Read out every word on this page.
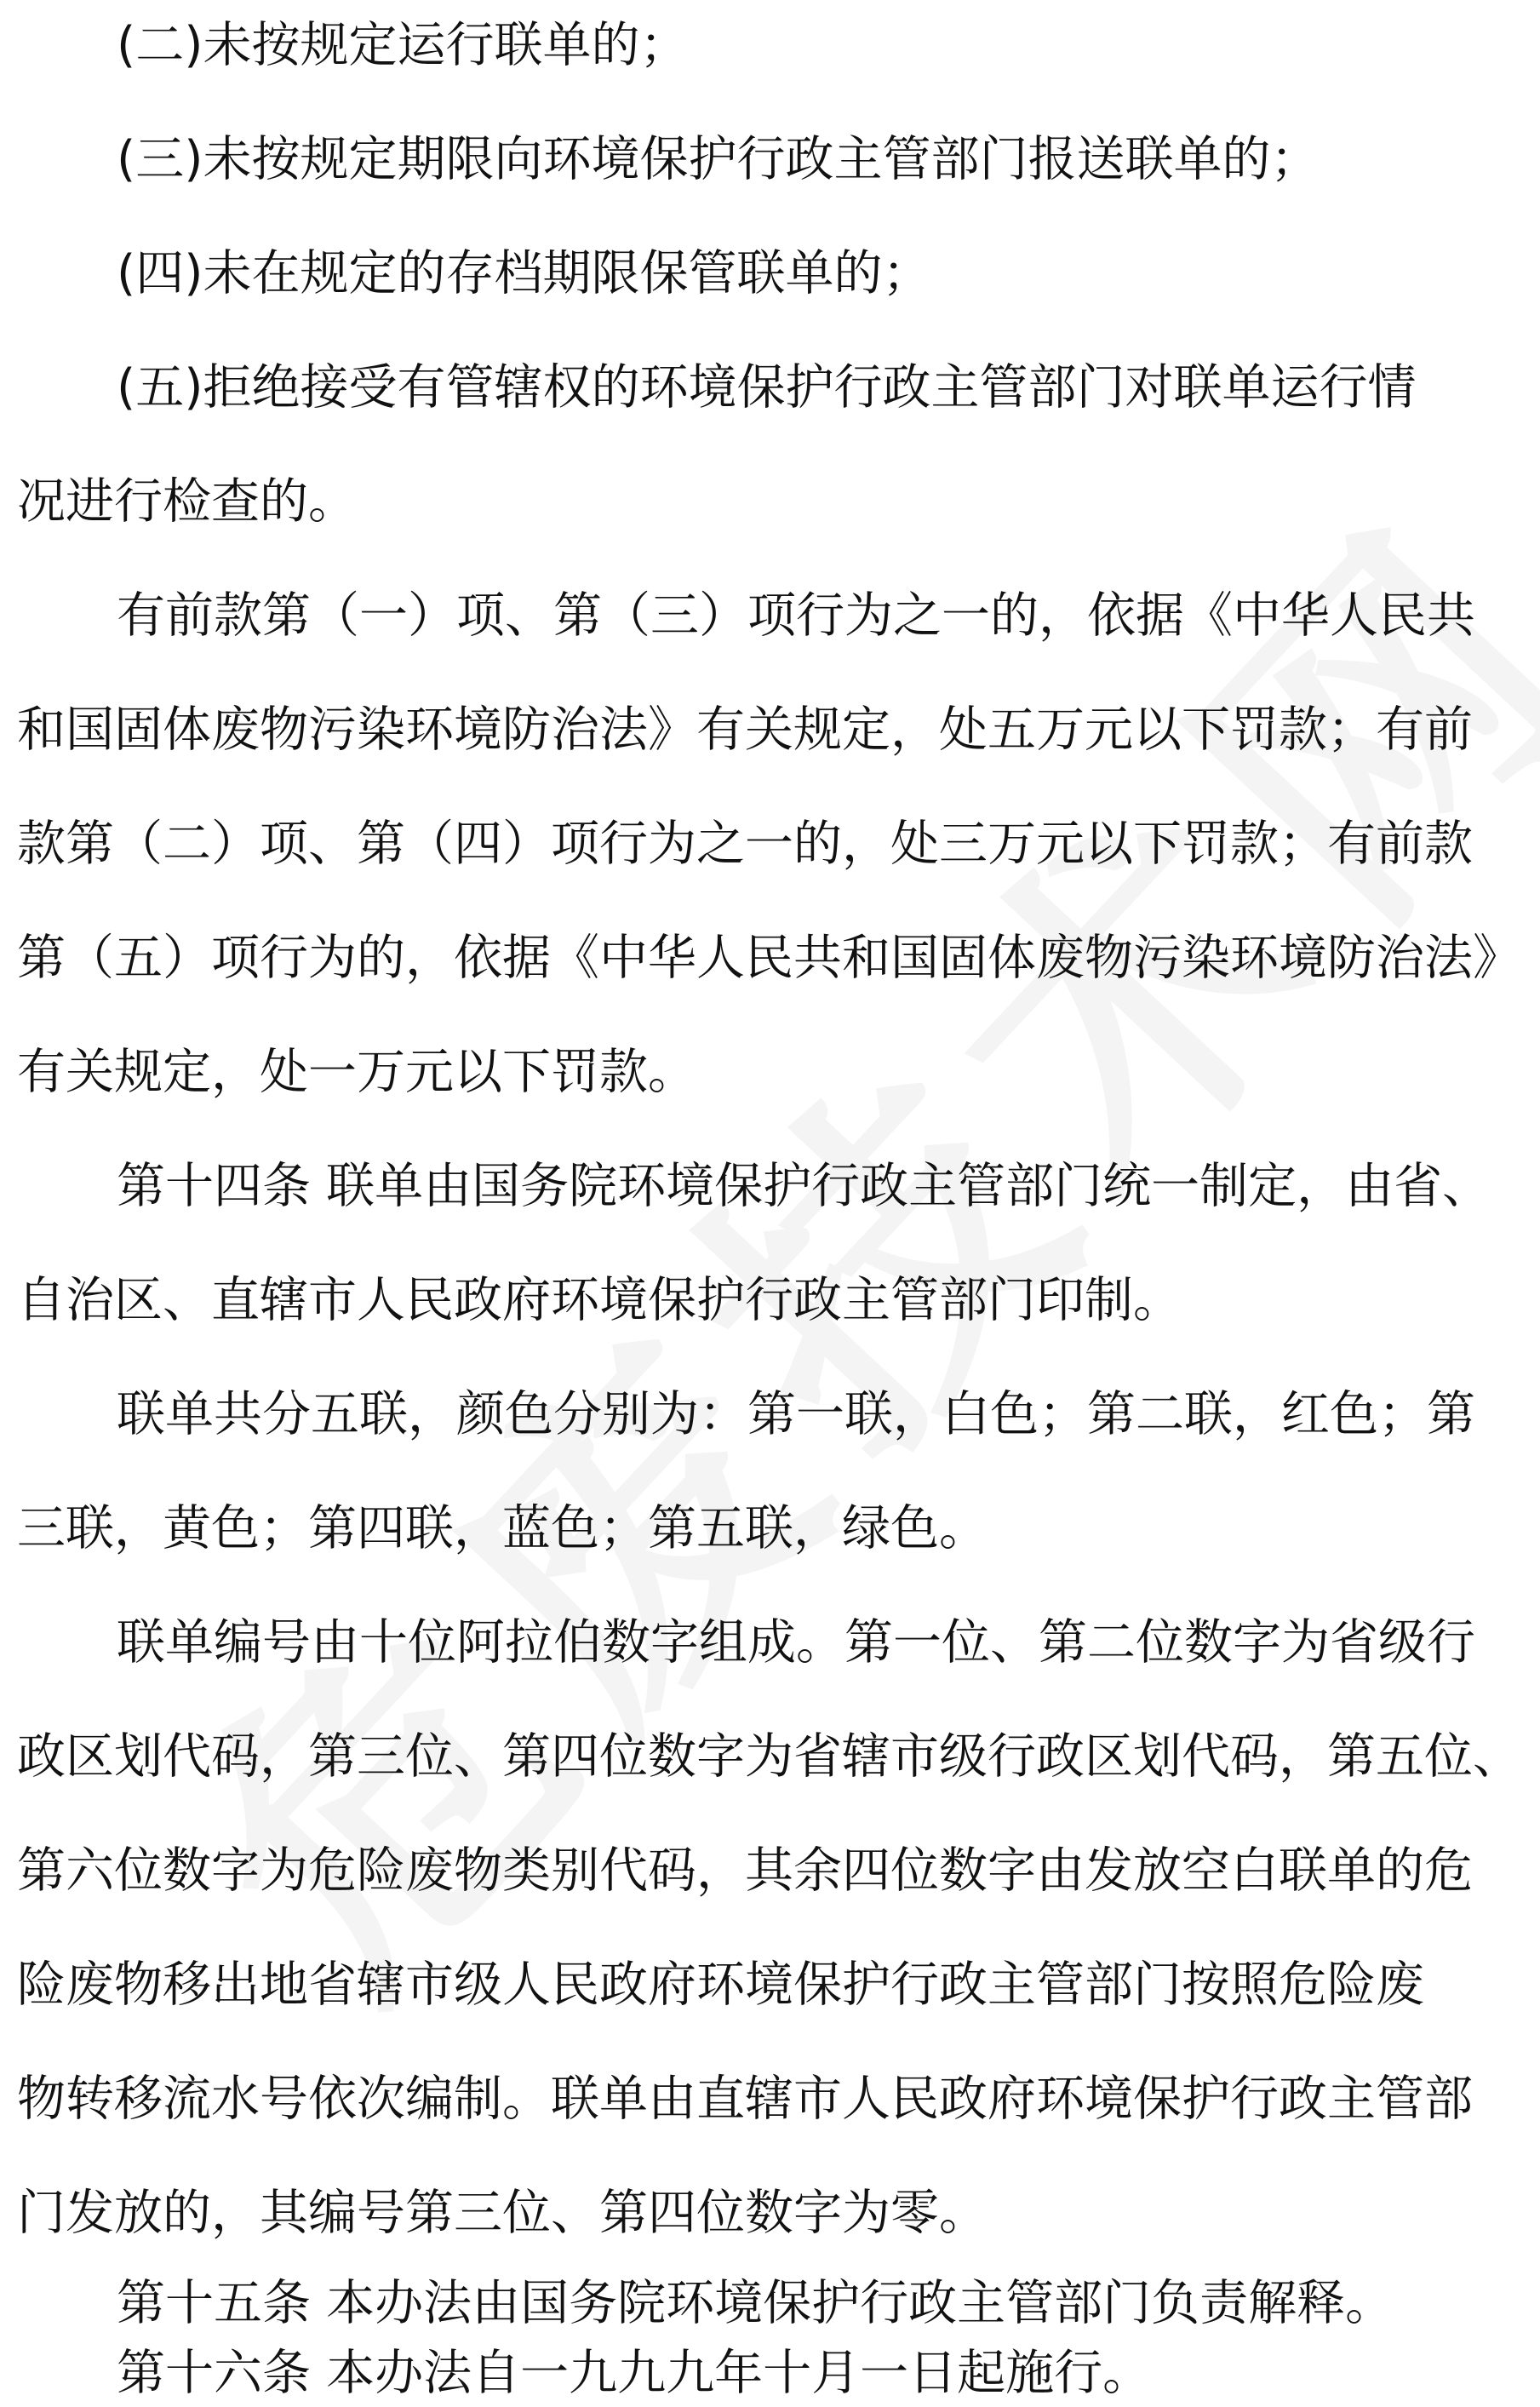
(二)未按规定运行联单的；
(三)未按规定期限向环境保护行政主管部门报送联单的；
(四)未在规定的存档期限保管联单的；
(五)拒绝接受有管辖权的环境保护行政主管部门对联单运行情
况进行检查的。
有前款第（一）项、第（三）项行为之一的，依据《中华人民共
和国固体废物污染环境防治法》有关规定，处五万元以下罚款；有前
款第（二）项、第（四）项行为之一的，处三万元以下罚款；有前款
第（五）项行为的，依据《中华人民共和国固体废物污染环境防治法》
有关规定，处一万元以下罚款。
第十四条 联单由国务院环境保护行政主管部门统一制定，由省、
自治区、直辖市人民政府环境保护行政主管部门印制。
联单共分五联，颜色分别为：第一联，白色；第二联，红色；第
三联，黄色；第四联，蓝色；第五联，绿色。
联单编号由十位阿拉伯数字组成。第一位、第二位数字为省级行
政区划代码，第三位、第四位数字为省辖市级行政区划代码，第五位、
第六位数字为危险废物类别代码，其余四位数字由发放空白联单的危
险废物移出地省辖市级人民政府环境保护行政主管部门按照危险废
物转移流水号依次编制。联单由直辖市人民政府环境保护行政主管部
门发放的，其编号第三位、第四位数字为零。
第十五条 本办法由国务院环境保护行政主管部门负责解释。
第十六条 本办法自一九九九年十月一日起施行。
